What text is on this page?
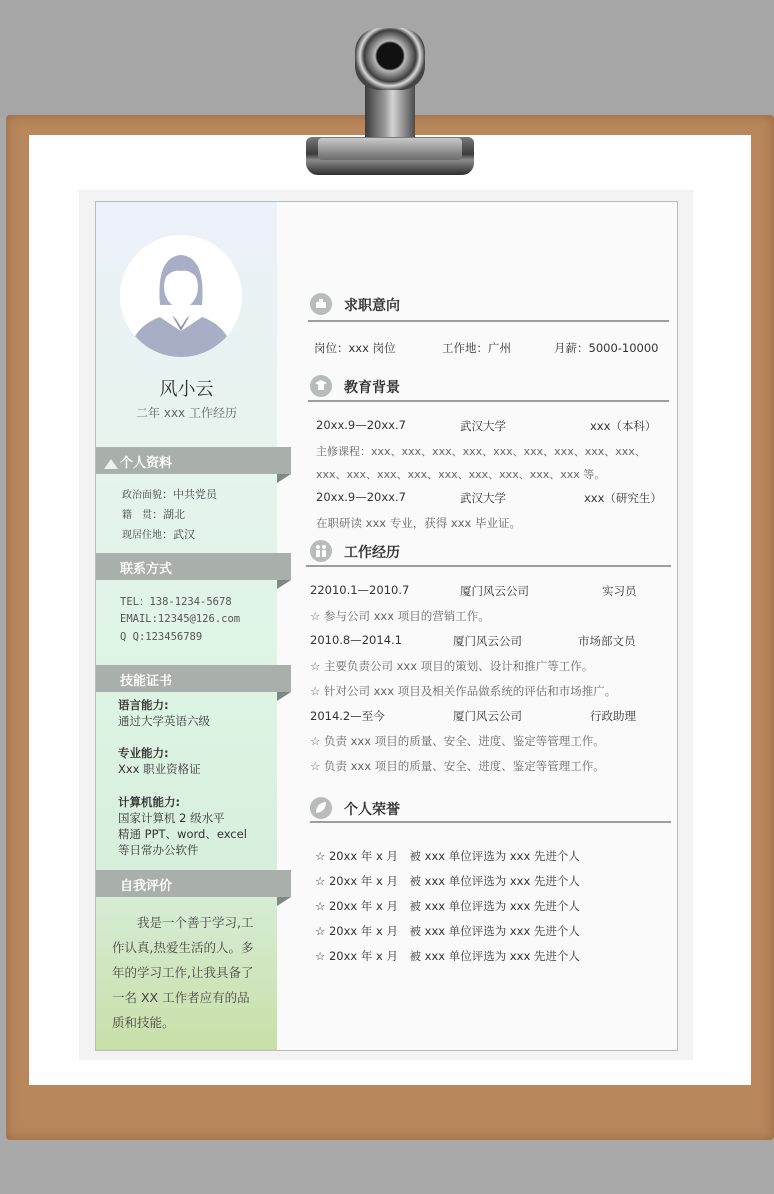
风小云
二年 xxx 工作经历
个人资料
政治面貌：中共党员
籍　贯：湖北
现居住地：武汉
联系方式
TEL：138-1234-5678
EMAIL:12345@126.com
Q Q:123456789
技能证书
语言能力:
通过大学英语六级
专业能力:
Xxx 职业资格证
计算机能力:
国家计算机 2 级水平
精通 PPT、word、excel
等日常办公软件
自我评价
　　我是一个善于学习,工作认真,热爱生活的人。多年的学习工作,让我具备了一名 XX 工作者应有的品质和技能。
求职意向
岗位：xxx 岗位	工作地：广州	月薪：5000-10000
教育背景
20xx.9—20xx.7	武汉大学	xxx（本科）
主修课程：xxx、xxx、xxx、xxx、xxx、xxx、xxx、xxx、xxx、
xxx、xxx、xxx、xxx、xxx、xxx、xxx、xxx、xxx 等。
20xx.9—20xx.7	武汉大学	xxx（研究生）
在职研读 xxx 专业，获得 xxx 毕业证。
工作经历
22010.1—2010.7	厦门风云公司	实习员
☆ 参与公司 xxx 项目的营销工作。
2010.8—2014.1	厦门风云公司	市场部文员
☆ 主要负责公司 xxx 项目的策划、设计和推广等工作。
☆ 针对公司 xxx 项目及相关作品做系统的评估和市场推广。
2014.2—至今	厦门风云公司	行政助理
☆ 负责 xxx 项目的质量、安全、进度、鉴定等管理工作。
☆ 负责 xxx 项目的质量、安全、进度、鉴定等管理工作。
个人荣誉
☆ 20xx 年 x 月　被 xxx 单位评选为 xxx 先进个人
☆ 20xx 年 x 月　被 xxx 单位评选为 xxx 先进个人
☆ 20xx 年 x 月　被 xxx 单位评选为 xxx 先进个人
☆ 20xx 年 x 月　被 xxx 单位评选为 xxx 先进个人
☆ 20xx 年 x 月　被 xxx 单位评选为 xxx 先进个人
